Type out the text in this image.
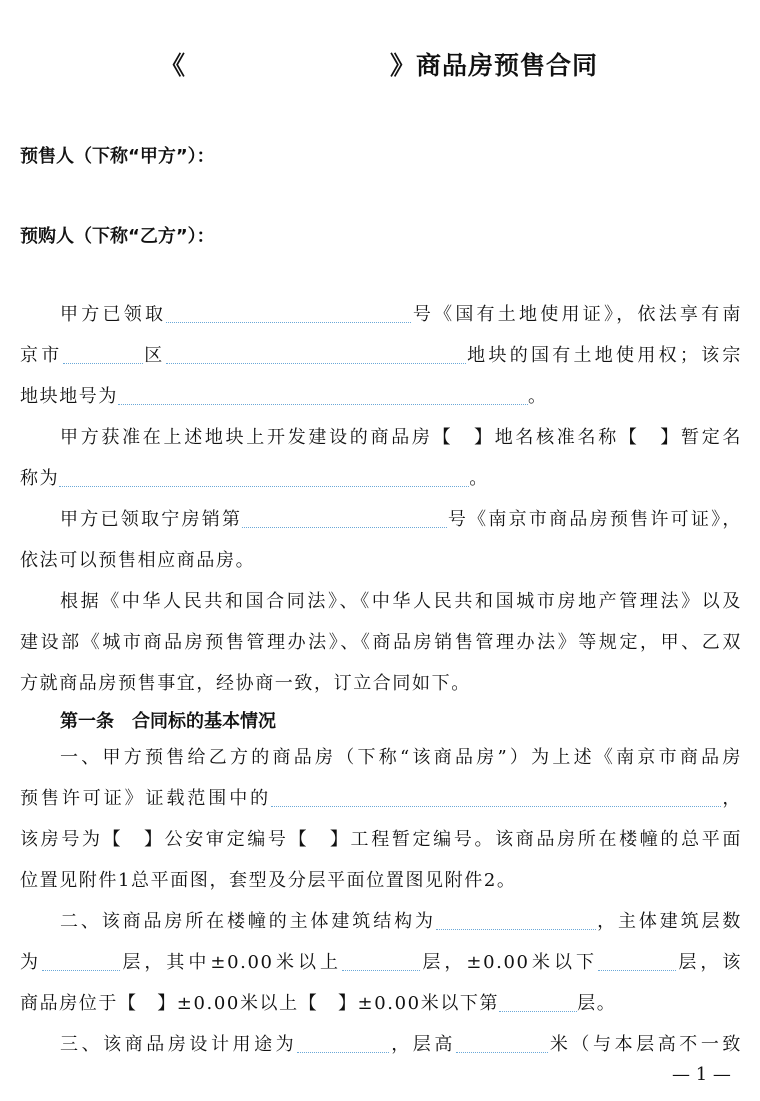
《	》商品房预售合同
预售人（下称“甲方”）：
预购人（下称“乙方”）：
甲方已领取	号《国有土地使用证》，依法享有南
京市	区	地块的国有土地使用权；该宗
地块地号为	。
甲方获准在上述地块上开发建设的商品房【　】地名核准名称【　】暂定名
称为	。
甲方已领取宁房销第	号《南京市商品房预售许可证》，
依法可以预售相应商品房。
根据《中华人民共和国合同法》、《中华人民共和国城市房地产管理法》以及
建设部《城市商品房预售管理办法》、《商品房销售管理办法》等规定，甲、乙双
方就商品房预售事宜，经协商一致，订立合同如下。
第一条　合同标的基本情况
一、甲方预售给乙方的商品房（下称“该商品房”）为上述《南京市商品房
预售许可证》证载范围中的	，
该房号为【　】公安审定编号【　】工程暂定编号。该商品房所在楼幢的总平面
位置见附件1总平面图，套型及分层平面位置图见附件2。
二、该商品房所在楼幢的主体建筑结构为	，主体建筑层数
为	层，其中±0.00米以上	层，±0.00米以下	层，该
商品房位于【　】±0.00米以上【　】±0.00米以下第	层。
三、该商品房设计用途为	，层高	米（与本层高不一致
— 1 —
